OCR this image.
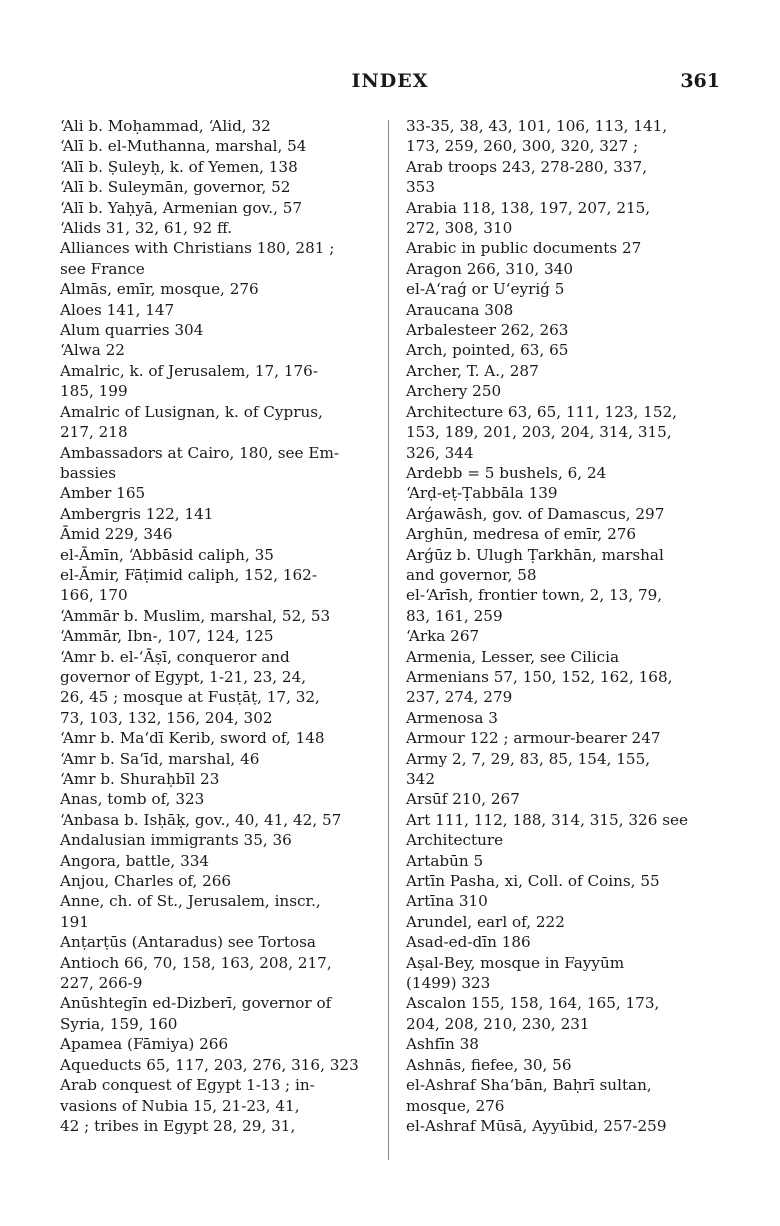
INDEX	361
ʻAli b. Moḥammad, ʻAlid, 32
ʻAlī b. el-Muthanna, marshal, 54
ʻAlī b. Ṣuleyḥ, k. of Yemen, 138
ʻAlī b. Suleymān, governor, 52
ʻAlī b. Yaḥyā, Armenian gov., 57
ʻAlids 31, 32, 61, 92 ff.
Alliances with Christians 180, 281 ;
see France
Almās, emīr, mosque, 276
Aloes 141, 147
Alum quarries 304
ʻAlwa 22
Amalric, k. of Jerusalem, 17, 176-
185, 199
Amalric of Lusignan, k. of Cyprus,
217, 218
Ambassadors at Cairo, 180, see Em-
bassies
Amber 165
Ambergris 122, 141
Āmid 229, 346
el-Āmīn, ʻAbbāsid caliph, 35
el-Āmir, Fāṭimid caliph, 152, 162-
166, 170
ʻAmmār b. Muslim, marshal, 52, 53
ʻAmmār, Ibn-, 107, 124, 125
ʻAmr b. el-ʻĀṣī, conqueror and
governor of Egypt, 1-21, 23, 24,
26, 45 ; mosque at Fusṭāṭ, 17, 32,
73, 103, 132, 156, 204, 302
ʻAmr b. Maʻdī Kerib, sword of, 148
ʻAmr b. Saʻīd, marshal, 46
ʻAmr b. Shuraḥbīl 23
Anas, tomb of, 323
ʻAnbasa b. Isḥāḳ, gov., 40, 41, 42, 57
Andalusian immigrants 35, 36
Angora, battle, 334
Anjou, Charles of, 266
Anne, ch. of St., Jerusalem, inscr.,
191
Anṭarṭūs (Antaradus) see Tortosa
Antioch 66, 70, 158, 163, 208, 217,
227, 266-9
Anūshtegīn ed-Dizberī, governor of
Syria, 159, 160
Apamea (Fāmiya) 266
Aqueducts 65, 117, 203, 276, 316, 323
Arab conquest of Egypt 1-13 ; in-
vasions of Nubia 15, 21-23, 41,
42 ; tribes in Egypt 28, 29, 31,
33-35, 38, 43, 101, 106, 113, 141,
173, 259, 260, 300, 320, 327 ;
Arab troops 243, 278-280, 337,
353
Arabia 118, 138, 197, 207, 215,
272, 308, 310
Arabic in public documents 27
Aragon 266, 310, 340
el-Aʻraǵ or Uʻeyriǵ 5
Araucana 308
Arbalesteer 262, 263
Arch, pointed, 63, 65
Archer, T. A., 287
Archery 250
Architecture 63, 65, 111, 123, 152,
153, 189, 201, 203, 204, 314, 315,
326, 344
Ardebb = 5 bushels, 6, 24
ʻArḍ-eṭ-Ṭabbāla 139
Arǵawāsh, gov. of Damascus, 297
Arghūn, medresa of emīr, 276
Arǵūz b. Ulugh Ṭarkhān, marshal
and governor, 58
el-ʻArīsh, frontier town, 2, 13, 79,
83, 161, 259
ʻArka 267
Armenia, Lesser, see Cilicia
Armenians 57, 150, 152, 162, 168,
237, 274, 279
Armenosa 3
Armour 122 ; armour-bearer 247
Army 2, 7, 29, 83, 85, 154, 155,
342
Arsūf 210, 267
Art 111, 112, 188, 314, 315, 326 see
Architecture
Artabūn 5
Artīn Pasha, xi, Coll. of Coins, 55
Artīna 310
Arundel, earl of, 222
Asad-ed-dīn 186
Aṣal-Bey, mosque in Fayyūm
(1499) 323
Ascalon 155, 158, 164, 165, 173,
204, 208, 210, 230, 231
Ashfīn 38
Ashnās, fiefee, 30, 56
el-Ashraf Shaʻbān, Baḥrī sultan,
mosque, 276
el-Ashraf Mūsā, Ayyūbid, 257-259
